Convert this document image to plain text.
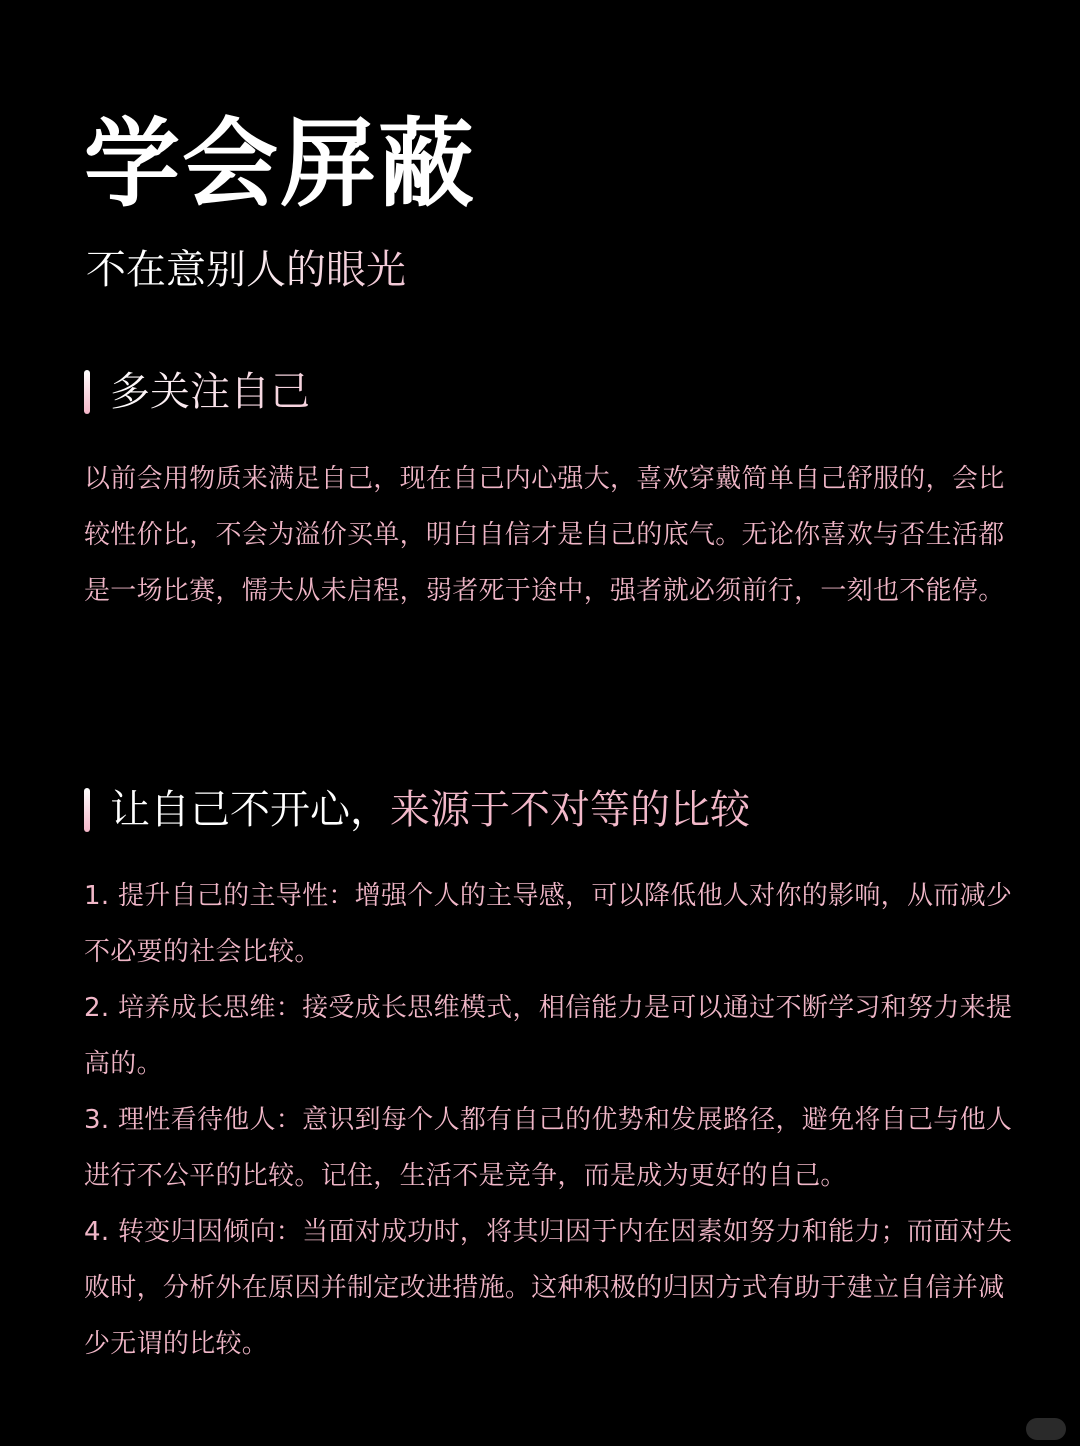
学会屏蔽
不在意别人的眼光
多关注自己
以前会用物质来满足自己，现在自己内心强大，喜欢穿戴简单自己舒服的，会比较性价比，不会为溢价买单，明白自信才是自己的底气。无论你喜欢与否生活都是一场比赛，懦夫从未启程，弱者死于途中，强者就必须前行，一刻也不能停。
让自己不开心，来源于不对等的比较
1. 提升自己的主导性：增强个人的主导感，可以降低他人对你的影响，从而减少不必要的社会比较。
2. 培养成长思维：接受成长思维模式，相信能力是可以通过不断学习和努力来提高的。
3. 理性看待他人：意识到每个人都有自己的优势和发展路径，避免将自己与他人进行不公平的比较。记住，生活不是竞争，而是成为更好的自己。
4. 转变归因倾向：当面对成功时，将其归因于内在因素如努力和能力；而面对失败时，分析外在原因并制定改进措施。这种积极的归因方式有助于建立自信并减少无谓的比较。
